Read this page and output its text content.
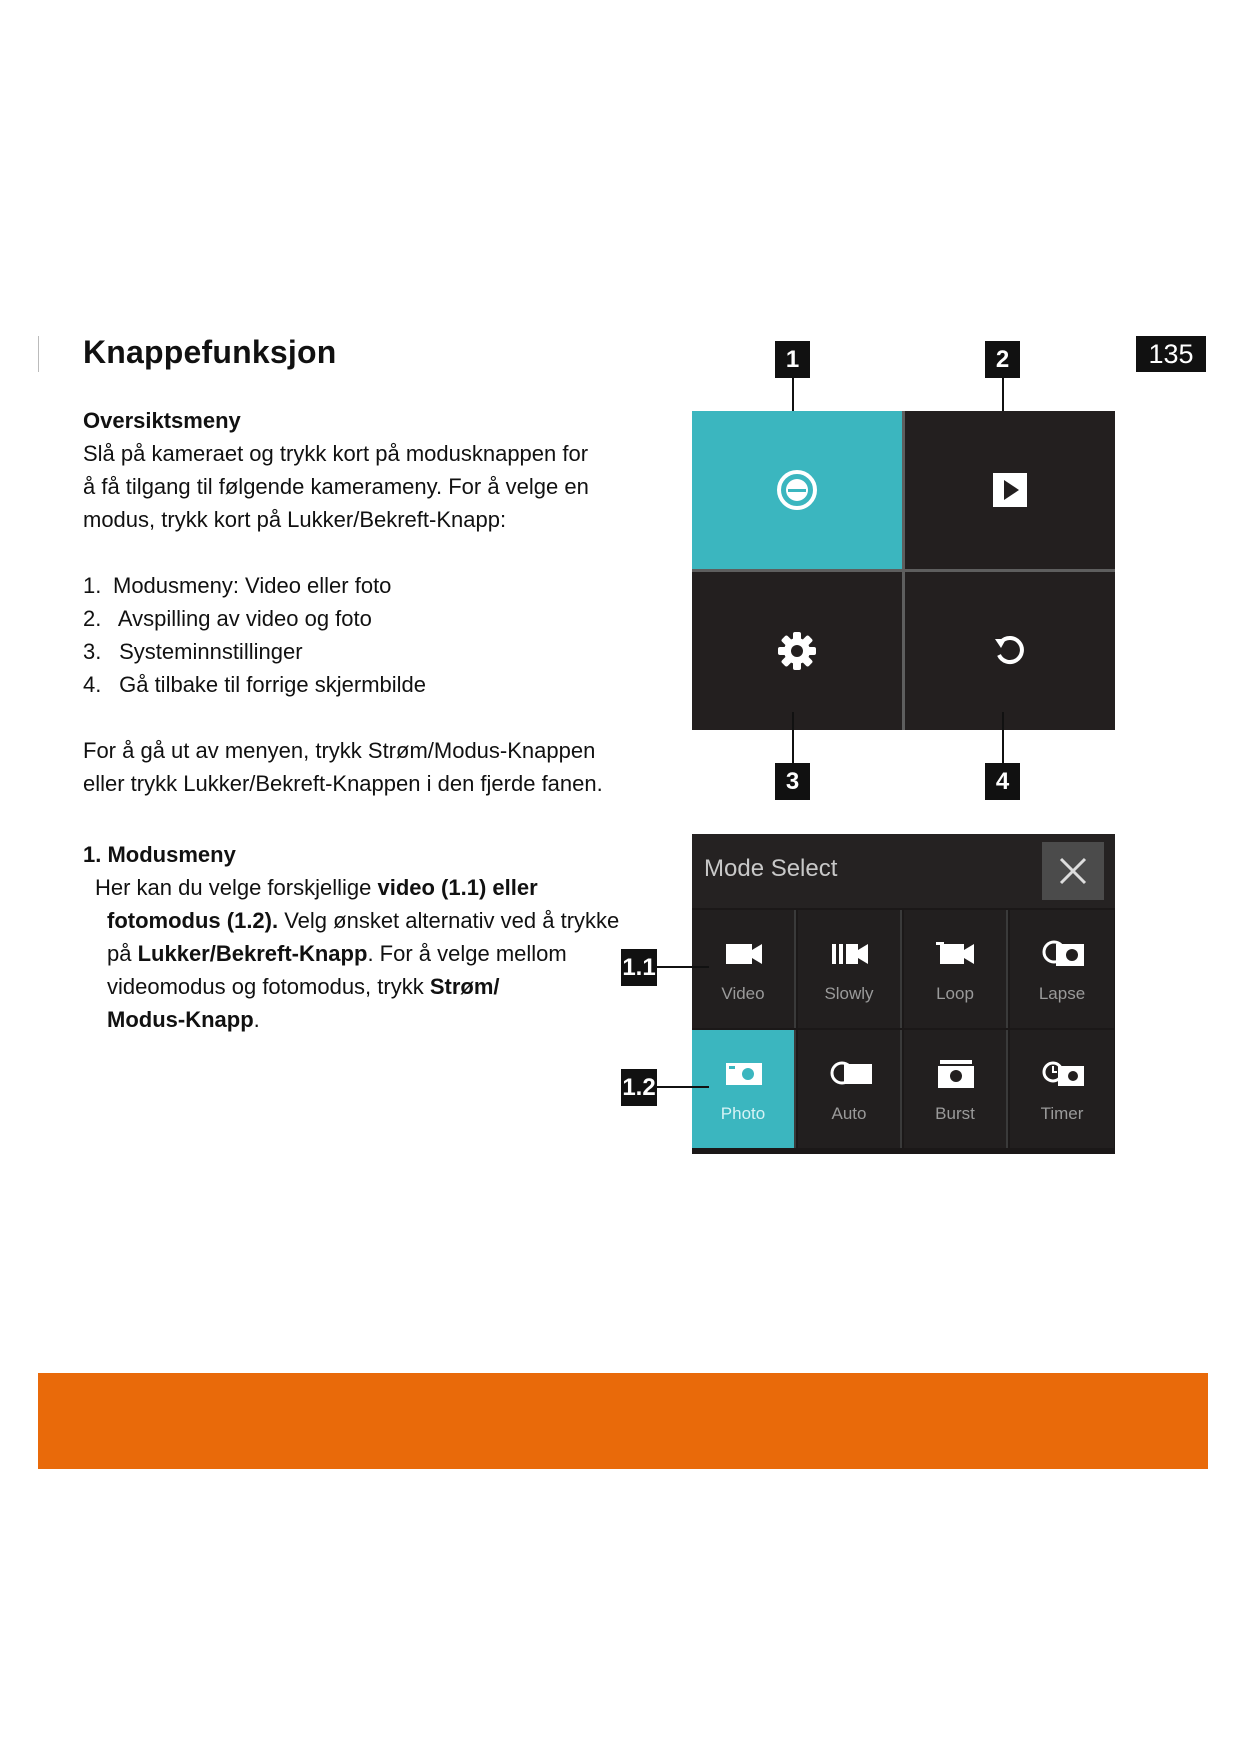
135
Knappefunksjon

Oversiktsmeny

Slå på kameraet og trykk kort på modusknappen for

å få tilgang til følgende kamerameny. For å velge en

modus, trykk kort på Lukker/Bekreft-Knapp:

1. Modusmeny: Video eller foto
2. Avspilling av video og foto
3. Systeminnstillinger
4. Gå tilbake til forrige skjermbilde

For å gå ut av menyen, trykk Strøm/Modus-Knappen

eller trykk Lukker/Bekreft-Knappen i den fjerde fanen.

1. Modusmeny

Her kan du velge forskjellige video (1.1) eller

fotomodus (1.2). Velg ønsket alternativ ved å trykke

på Lukker/Bekreft-Knapp. For å velge mellom

videomodus og fotomodus, trykk Strøm/

Modus-Knapp.

1	2
3	4
Mode Select
Video	Slowly	Loop	Lapse
Photo	Auto	Burst	Timer
1.1
1.2
